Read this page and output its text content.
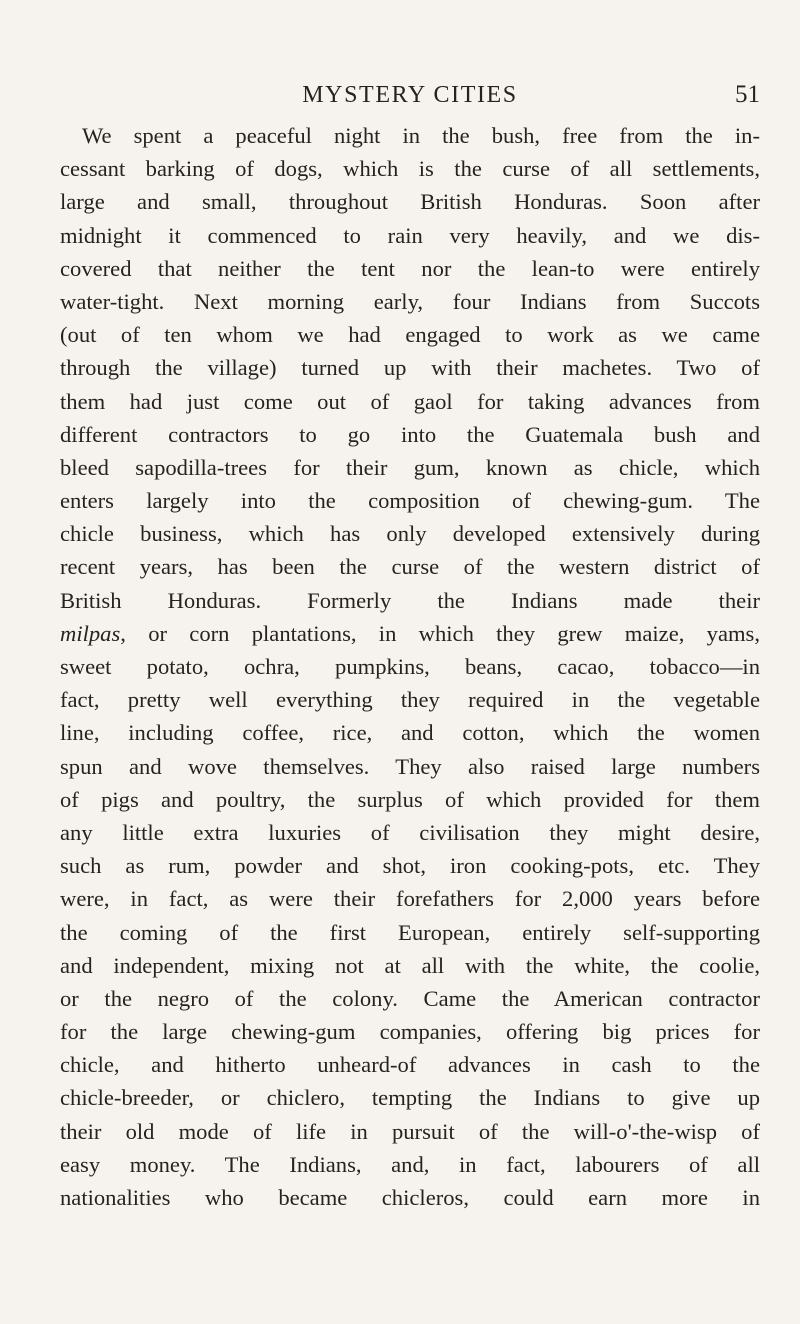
MYSTERY CITIES	51
We spent a peaceful night in the bush, free from the in-
cessant barking of dogs, which is the curse of all settlements,
large and small, throughout British Honduras. Soon after
midnight it commenced to rain very heavily, and we dis-
covered that neither the tent nor the lean-to were entirely
water-tight. Next morning early, four Indians from Succots
(out of ten whom we had engaged to work as we came
through the village) turned up with their machetes. Two of
them had just come out of gaol for taking advances from
different contractors to go into the Guatemala bush and
bleed sapodilla-trees for their gum, known as chicle, which
enters largely into the composition of chewing-gum. The
chicle business, which has only developed extensively during
recent years, has been the curse of the western district of
British Honduras. Formerly the Indians made their
milpas, or corn plantations, in which they grew maize, yams,
sweet potato, ochra, pumpkins, beans, cacao, tobacco—in
fact, pretty well everything they required in the vegetable
line, including coffee, rice, and cotton, which the women
spun and wove themselves. They also raised large numbers
of pigs and poultry, the surplus of which provided for them
any little extra luxuries of civilisation they might desire,
such as rum, powder and shot, iron cooking-pots, etc. They
were, in fact, as were their forefathers for 2,000 years before
the coming of the first European, entirely self-supporting
and independent, mixing not at all with the white, the coolie,
or the negro of the colony. Came the American contractor
for the large chewing-gum companies, offering big prices for
chicle, and hitherto unheard-of advances in cash to the
chicle-breeder, or chiclero, tempting the Indians to give up
their old mode of life in pursuit of the will-o'-the-wisp of
easy money. The Indians, and, in fact, labourers of all
nationalities who became chicleros, could earn more in
